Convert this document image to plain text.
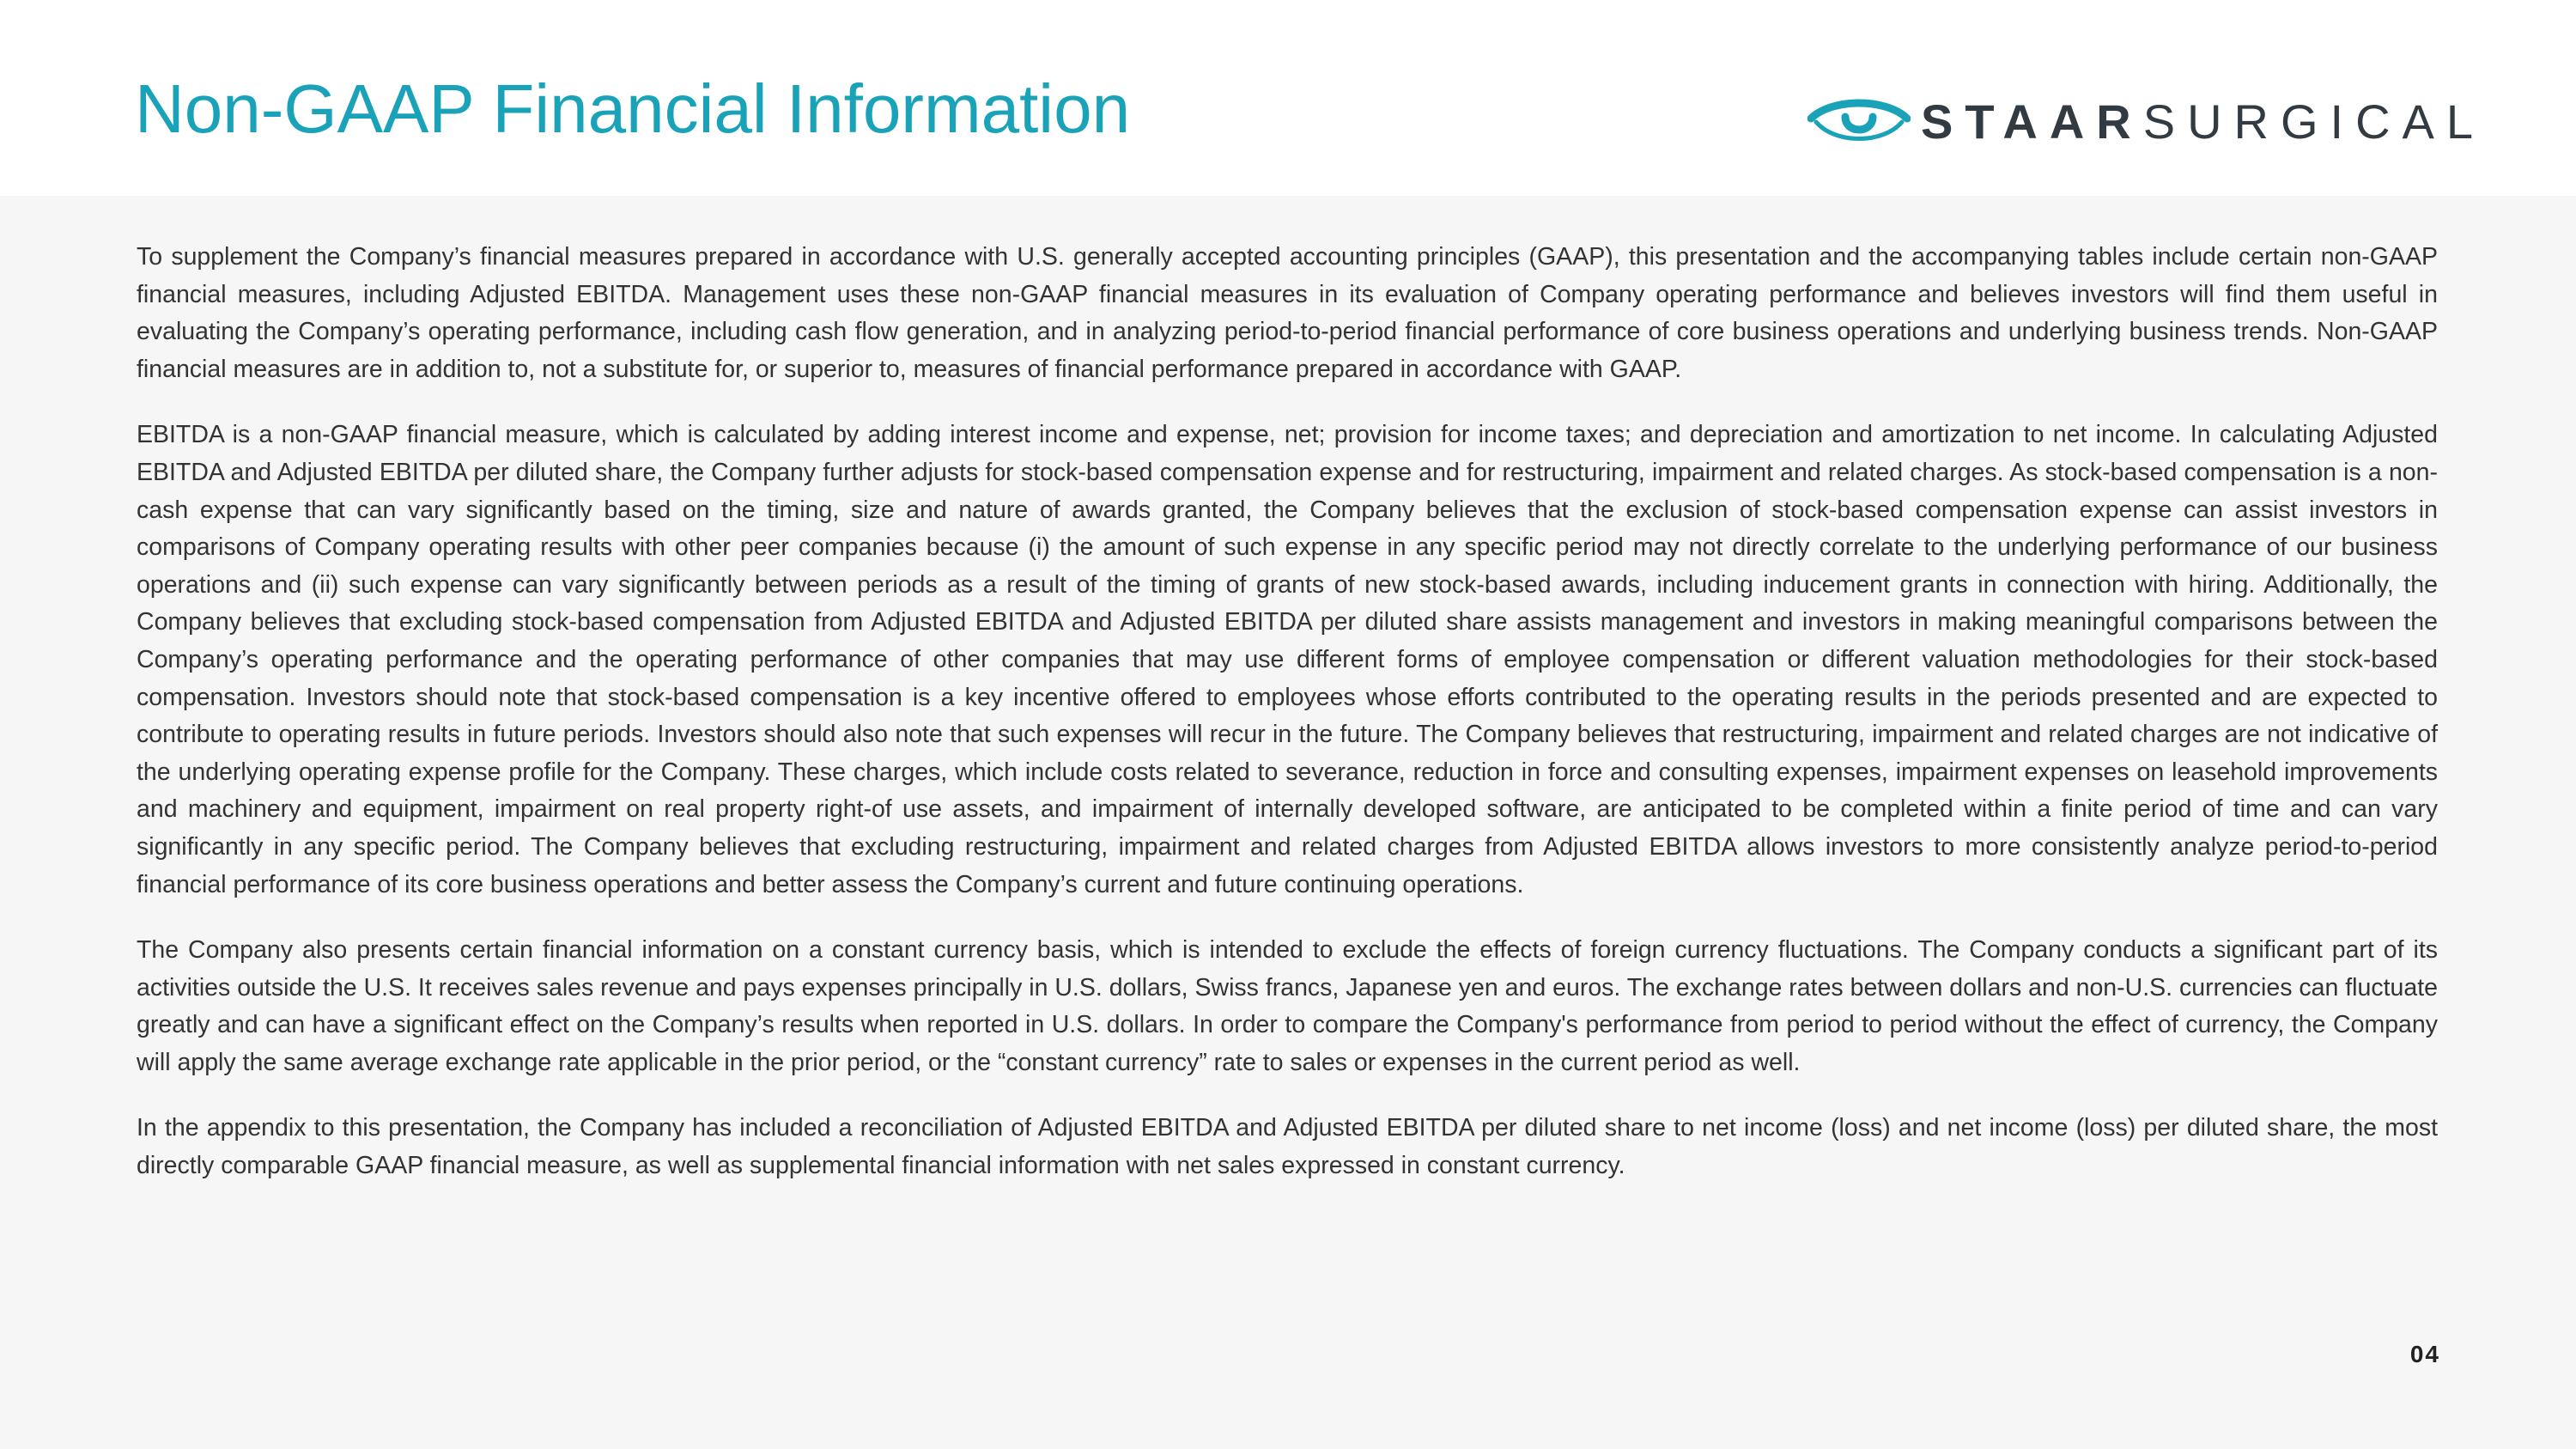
Non-GAAP Financial Information	STAARSURGICAL

To supplement the Company’s financial measures prepared in accordance with U.S. generally accepted accounting principles (GAAP), this presentation and the accompanying tables include certain non-GAAP financial measures, including Adjusted EBITDA. Management uses these non-GAAP financial measures in its evaluation of Company operating performance and believes investors will find them useful in evaluating the Company’s operating performance, including cash flow generation, and in analyzing period-to-period financial performance of core business operations and underlying business trends. Non-GAAP financial measures are in addition to, not a substitute for, or superior to, measures of financial performance prepared in accordance with GAAP.

EBITDA is a non-GAAP financial measure, which is calculated by adding interest income and expense, net; provision for income taxes; and depreciation and amortization to net income. In calculating Adjusted EBITDA and Adjusted EBITDA per diluted share, the Company further adjusts for stock-based compensation expense and for restructuring, impairment and related charges. As stock-based compensation is a non-cash expense that can vary significantly based on the timing, size and nature of awards granted, the Company believes that the exclusion of stock-based compensation expense can assist investors in comparisons of Company operating results with other peer companies because (i) the amount of such expense in any specific period may not directly correlate to the underlying performance of our business operations and (ii) such expense can vary significantly between periods as a result of the timing of grants of new stock-based awards, including inducement grants in connection with hiring. Additionally, the Company believes that excluding stock-based compensation from Adjusted EBITDA and Adjusted EBITDA per diluted share assists management and investors in making meaningful comparisons between the Company’s operating performance and the operating performance of other companies that may use different forms of employee compensation or different valuation methodologies for their stock-based compensation. Investors should note that stock-based compensation is a key incentive offered to employees whose efforts contributed to the operating results in the periods presented and are expected to contribute to operating results in future periods. Investors should also note that such expenses will recur in the future. The Company believes that restructuring, impairment and related charges are not indicative of the underlying operating expense profile for the Company. These charges, which include costs related to severance, reduction in force and consulting expenses, impairment expenses on leasehold improvements and machinery and equipment, impairment on real property right-of use assets, and impairment of internally developed software, are anticipated to be completed within a finite period of time and can vary significantly in any specific period. The Company believes that excluding restructuring, impairment and related charges from Adjusted EBITDA allows investors to more consistently analyze period-to-period financial performance of its core business operations and better assess the Company’s current and future continuing operations.

The Company also presents certain financial information on a constant currency basis, which is intended to exclude the effects of foreign currency fluctuations. The Company conducts a significant part of its activities outside the U.S. It receives sales revenue and pays expenses principally in U.S. dollars, Swiss francs, Japanese yen and euros. The exchange rates between dollars and non-U.S. currencies can fluctuate greatly and can have a significant effect on the Company’s results when reported in U.S. dollars. In order to compare the Company's performance from period to period without the effect of currency, the Company will apply the same average exchange rate applicable in the prior period, or the “constant currency” rate to sales or expenses in the current period as well.

In the appendix to this presentation, the Company has included a reconciliation of Adjusted EBITDA and Adjusted EBITDA per diluted share to net income (loss) and net income (loss) per diluted share, the most directly comparable GAAP financial measure, as well as supplemental financial information with net sales expressed in constant currency.

04
